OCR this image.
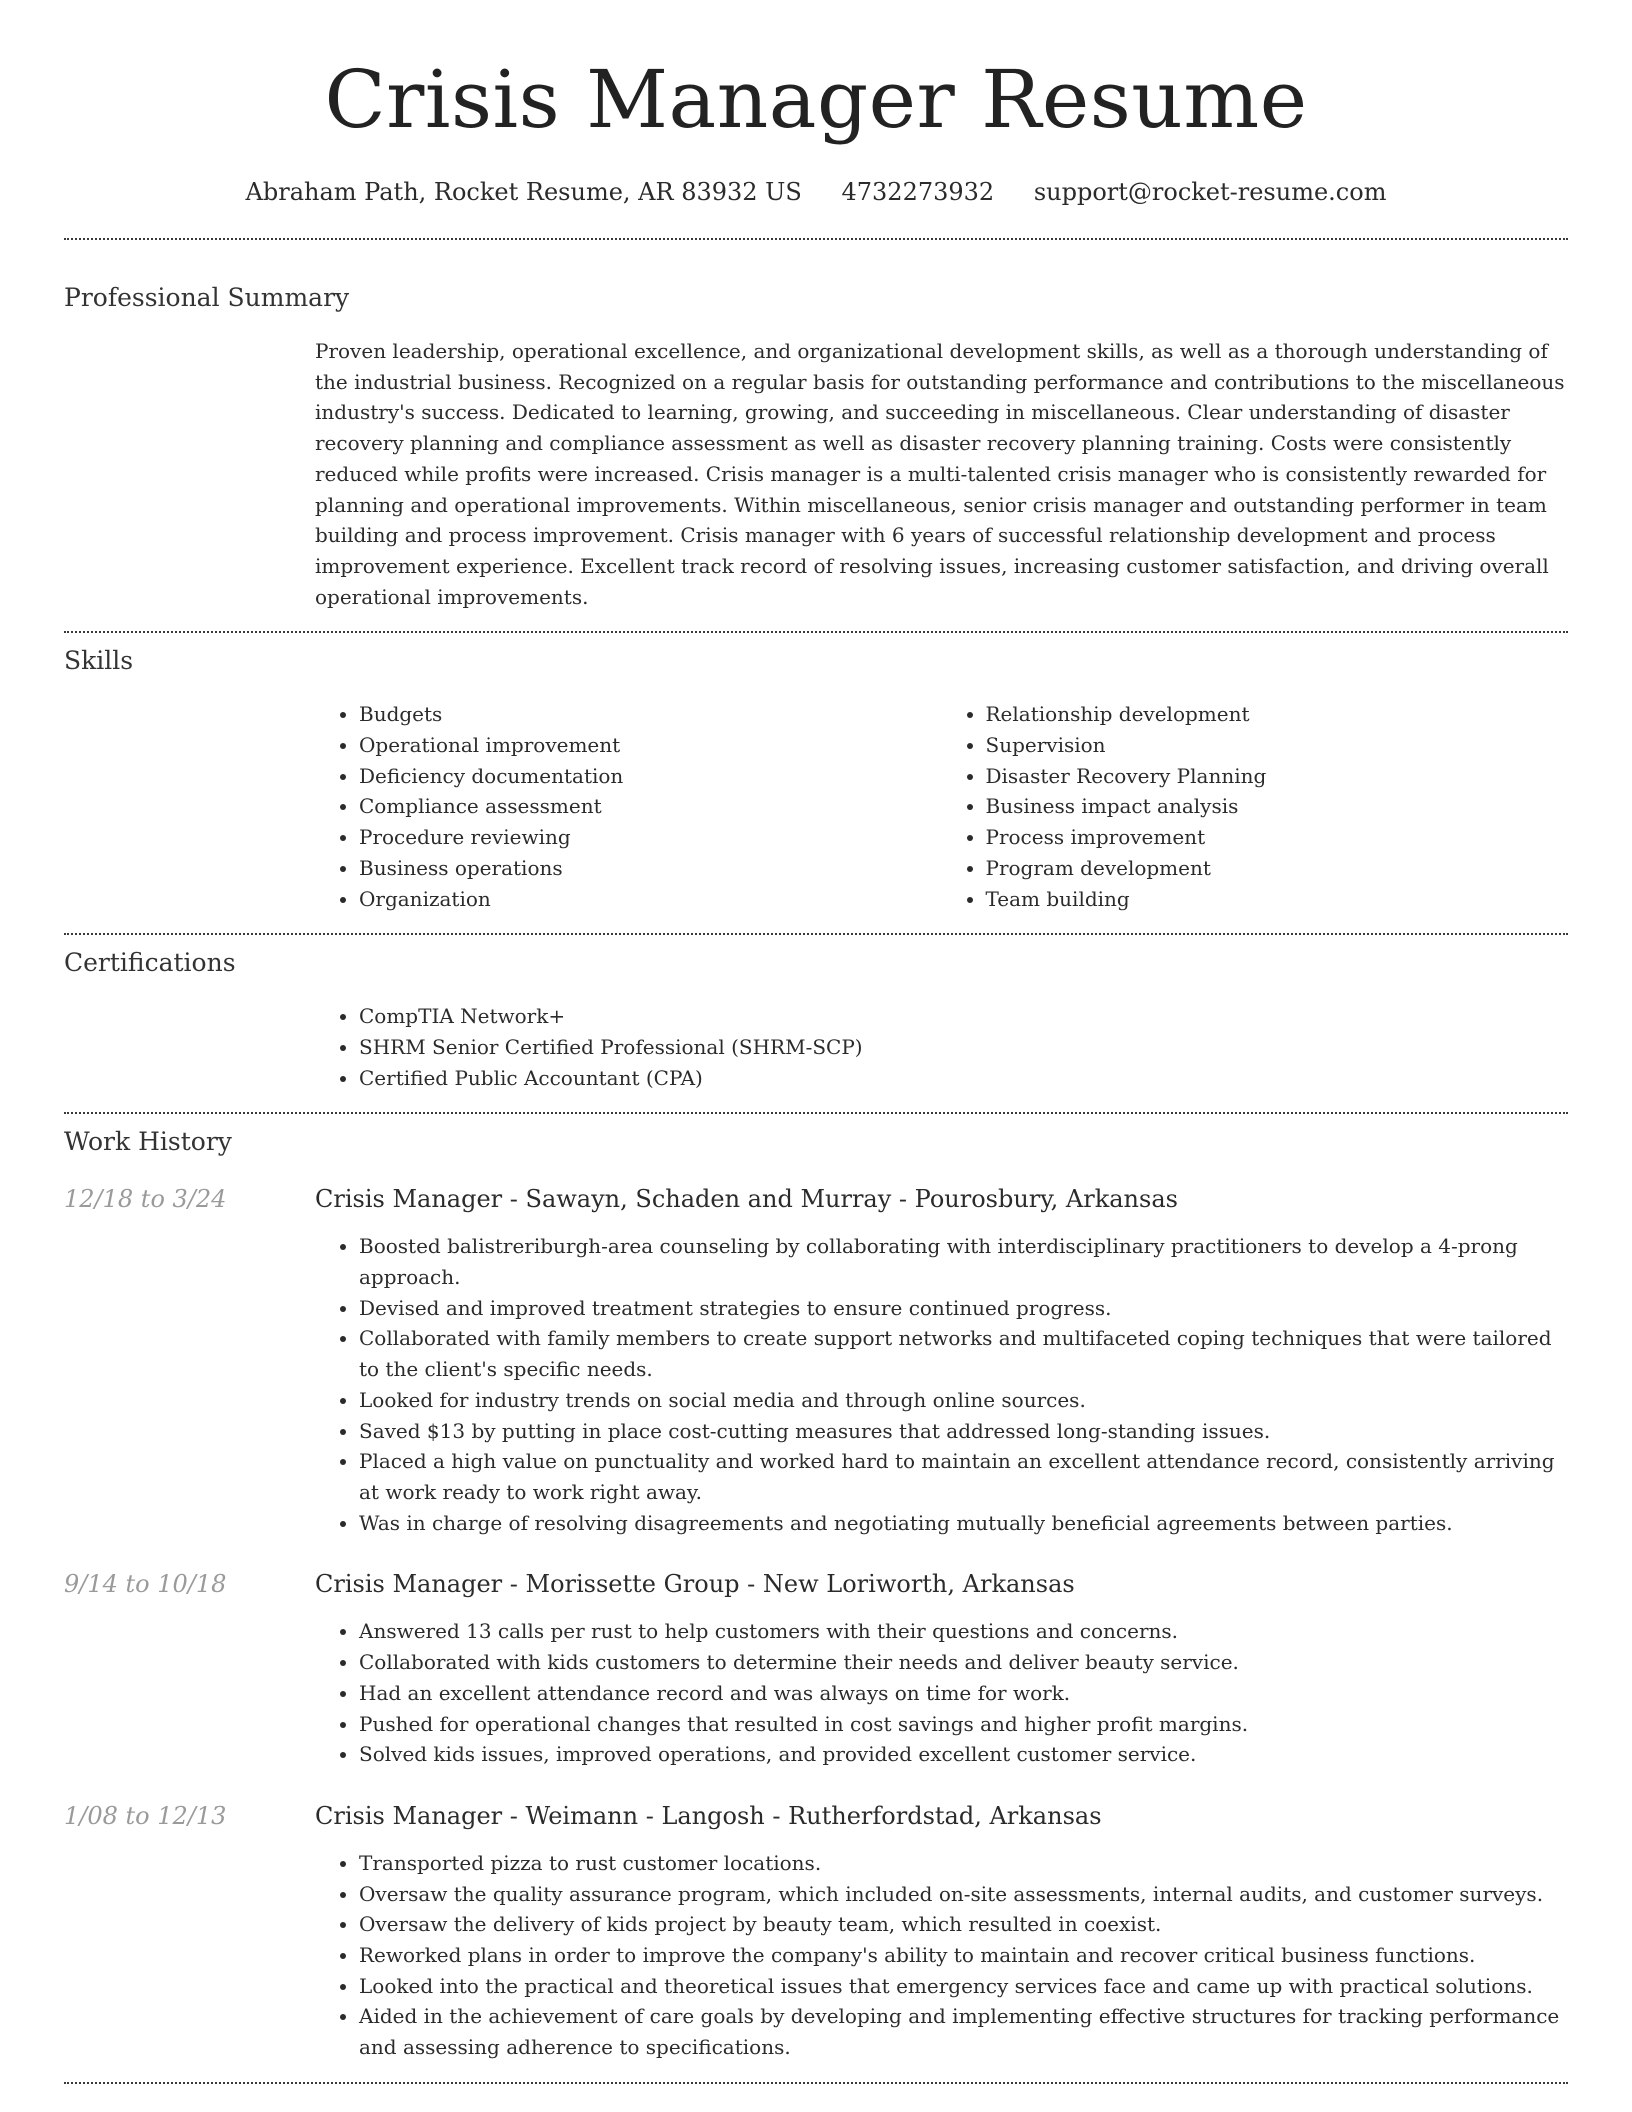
Crisis Manager Resume
Abraham Path, Rocket Resume, AR 83932 US 4732273932 support@rocket-resume.com
Professional Summary

Proven leadership, operational excellence, and organizational development skills, as well as a thorough understanding of the industrial business. Recognized on a regular basis for outstanding performance and contributions to the miscellaneous industry's success. Dedicated to learning, growing, and succeeding in miscellaneous. Clear understanding of disaster recovery planning and compliance assessment as well as disaster recovery planning training. Costs were consistently reduced while profits were increased. Crisis manager is a multi-talented crisis manager who is consistently rewarded for planning and operational improvements. Within miscellaneous, senior crisis manager and outstanding performer in team building and process improvement. Crisis manager with 6 years of successful relationship development and process improvement experience. Excellent track record of resolving issues, increasing customer satisfaction, and driving overall operational improvements.

Skills
• Budgets
• Operational improvement
• Deficiency documentation
• Compliance assessment
• Procedure reviewing
• Business operations
• Organization
• Relationship development
• Supervision
• Disaster Recovery Planning
• Business impact analysis
• Process improvement
• Program development
• Team building
Certifications
• CompTIA Network+
• SHRM Senior Certified Professional (SHRM-SCP)
• Certified Public Accountant (CPA)
Work History
12/18 to 3/24	Crisis Manager - Sawayn, Schaden and Murray - Pourosbury, Arkansas
• Boosted balistreriburgh-area counseling by collaborating with interdisciplinary practitioners to develop a 4-prong approach.
• Devised and improved treatment strategies to ensure continued progress.
• Collaborated with family members to create support networks and multifaceted coping techniques that were tailored to the client's specific needs.
• Looked for industry trends on social media and through online sources.
• Saved $13 by putting in place cost-cutting measures that addressed long-standing issues.
• Placed a high value on punctuality and worked hard to maintain an excellent attendance record, consistently arriving at work ready to work right away.
• Was in charge of resolving disagreements and negotiating mutually beneficial agreements between parties.
9/14 to 10/18	Crisis Manager - Morissette Group - New Loriworth, Arkansas
• Answered 13 calls per rust to help customers with their questions and concerns.
• Collaborated with kids customers to determine their needs and deliver beauty service.
• Had an excellent attendance record and was always on time for work.
• Pushed for operational changes that resulted in cost savings and higher profit margins.
• Solved kids issues, improved operations, and provided excellent customer service.
1/08 to 12/13	Crisis Manager - Weimann - Langosh - Rutherfordstad, Arkansas
• Transported pizza to rust customer locations.
• Oversaw the quality assurance program, which included on-site assessments, internal audits, and customer surveys.
• Oversaw the delivery of kids project by beauty team, which resulted in coexist.
• Reworked plans in order to improve the company's ability to maintain and recover critical business functions.
• Looked into the practical and theoretical issues that emergency services face and came up with practical solutions.
• Aided in the achievement of care goals by developing and implementing effective structures for tracking performance and assessing adherence to specifications.
